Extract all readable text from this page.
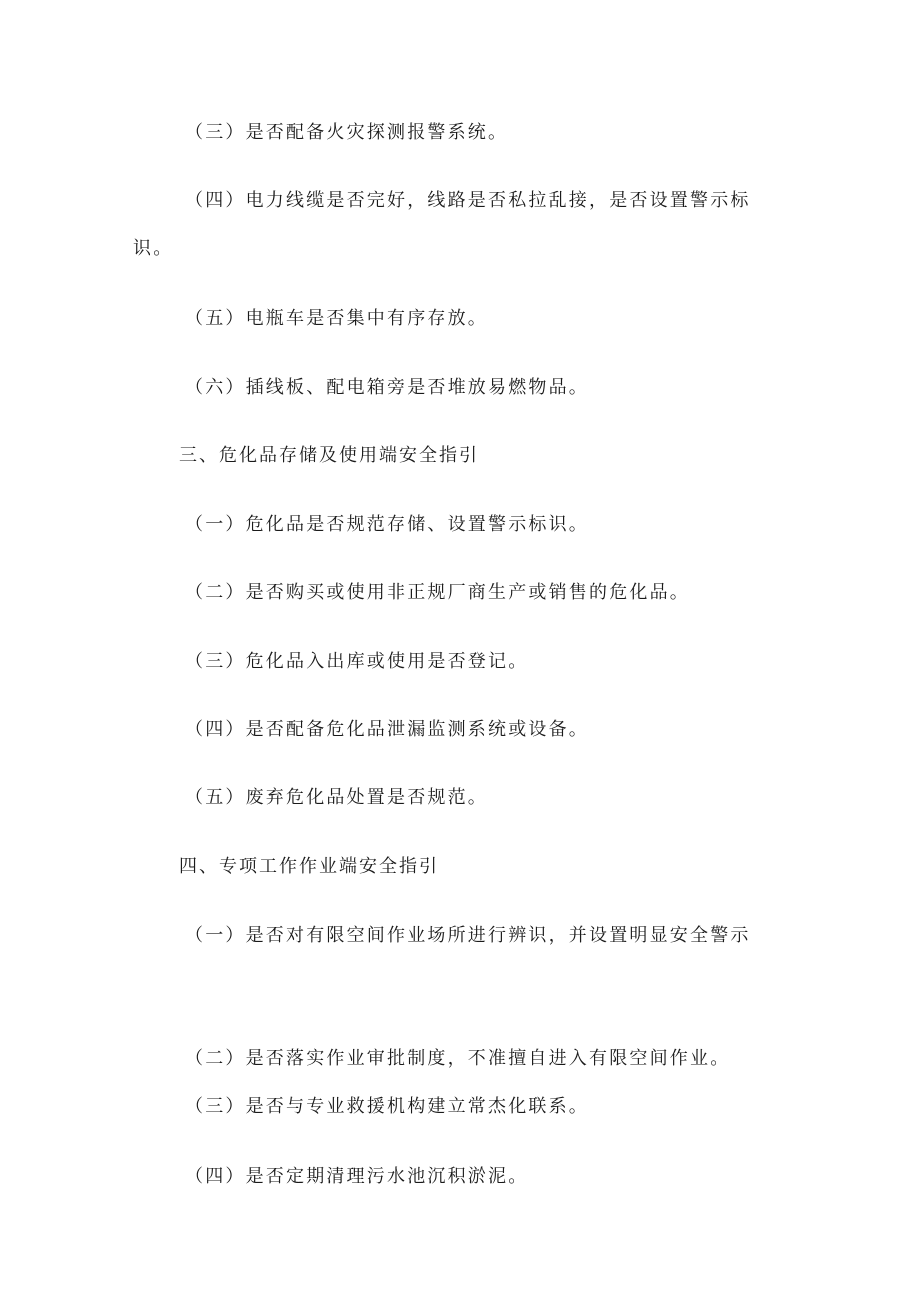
（三）是否配备火灾探测报警系统。
（四）电力线缆是否完好，线路是否私拉乱接，是否设置警示标
识。
（五）电瓶车是否集中有序存放。
（六）插线板、配电箱旁是否堆放易燃物品。
三、危化品存储及使用端安全指引
（一）危化品是否规范存储、设置警示标识。
（二）是否购买或使用非正规厂商生产或销售的危化品。
（三）危化品入出库或使用是否登记。
（四）是否配备危化品泄漏监测系统或设备。
（五）废弃危化品处置是否规范。
四、专项工作作业端安全指引
（一）是否对有限空间作业场所进行辨识，并设置明显安全警示
（二）是否落实作业审批制度，不准擅自进入有限空间作业。
（三）是否与专业救援机构建立常杰化联系。
（四）是否定期清理污水池沉积淤泥。
